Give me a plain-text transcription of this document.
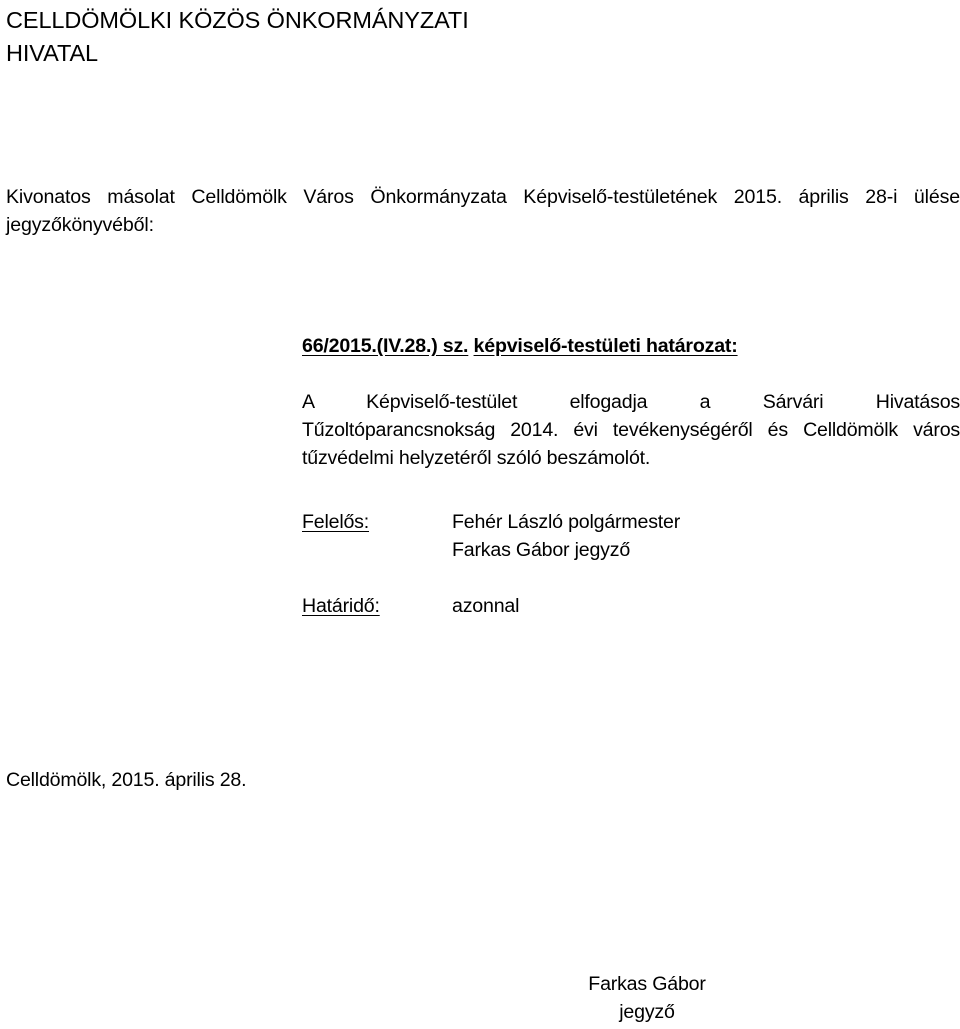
CELLDÖMÖLKI KÖZÖS ÖNKORMÁNYZATI
HIVATAL
Kivonatos másolat Celldömölk Város Önkormányzata Képviselő-testületének 2015. április 28-i ülése
jegyzőkönyvéből:
66/2015.(IV.28.) sz. képviselő-testületi határozat:
A Képviselő-testület elfogadja a Sárvári Hivatásos
Tűzoltóparancsnokság 2014. évi tevékenységéről és Celldömölk város
tűzvédelmi helyzetéről szóló beszámolót.
Felelős:	Fehér László polgármester
Farkas Gábor jegyző
Határidő:	azonnal
Celldömölk, 2015. április 28.
Farkas Gábor
jegyző
